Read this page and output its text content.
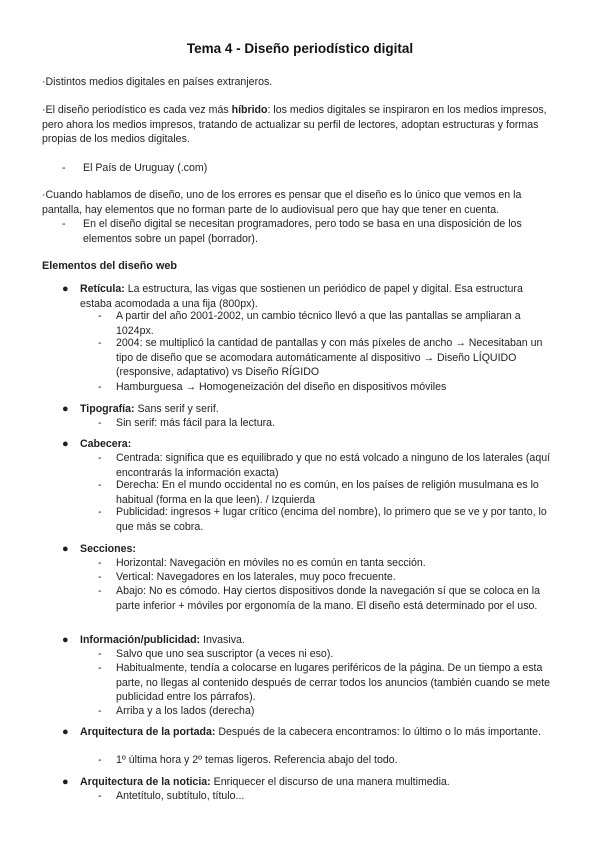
Tema 4 - Diseño periodístico digital
·Distintos medios digitales en países extranjeros.
·El diseño periodístico es cada vez más híbrido: los medios digitales se inspiraron en los medios impresos, pero ahora los medios impresos, tratando de actualizar su perfil de lectores, adoptan estructuras y formas propias de los medios digitales.
- El País de Uruguay (.com)
·Cuando hablamos de diseño, uno de los errores es pensar que el diseño es lo único que vemos en la pantalla, hay elementos que no forman parte de lo audiovisual pero que hay que tener en cuenta.
- En el diseño digital se necesitan programadores, pero todo se basa en una disposición de los elementos sobre un papel (borrador).
Elementos del diseño web
● Retícula: La estructura, las vigas que sostienen un periódico de papel y digital. Esa estructura estaba acomodada a una fija (800px).
- A partir del año 2001-2002, un cambio técnico llevó a que las pantallas se ampliaran a 1024px.
- 2004: se multiplicó la cantidad de pantallas y con más píxeles de ancho → Necesitaban un tipo de diseño que se acomodara automáticamente al dispositivo → Diseño LÍQUIDO (responsive, adaptativo) vs Diseño RÍGIDO
- Hamburguesa → Homogeneización del diseño en dispositivos móviles
● Tipografía: Sans serif y serif.
- Sin serif: más fácil para la lectura.
● Cabecera:
- Centrada: significa que es equilibrado y que no está volcado a ninguno de los laterales (aquí encontrarás la información exacta)
- Derecha: En el mundo occidental no es común, en los países de religión musulmana es lo habitual (forma en la que leen). / Izquierda
- Publicidad: ingresos + lugar crítico (encima del nombre), lo primero que se ve y por tanto, lo que más se cobra.
● Secciones:
- Horizontal: Navegación en móviles no es común en tanta sección.
- Vertical: Navegadores en los laterales, muy poco frecuente.
- Abajo: No es cómodo. Hay ciertos dispositivos donde la navegación sí que se coloca en la parte inferior + móviles por ergonomía de la mano. El diseño está determinado por el uso.
● Información/publicidad: Invasiva.
- Salvo que uno sea suscriptor (a veces ni eso).
- Habitualmente, tendía a colocarse en lugares periféricos de la página. De un tiempo a esta parte, no llegas al contenido después de cerrar todos los anuncios (también cuando se mete publicidad entre los párrafos).
- Arriba y a los lados (derecha)
● Arquitectura de la portada: Después de la cabecera encontramos: lo último o lo más importante.
- 1º última hora y 2º temas ligeros. Referencia abajo del todo.
● Arquitectura de la noticia: Enriquecer el discurso de una manera multimedia.
- Antetítulo, subtítulo, título...
